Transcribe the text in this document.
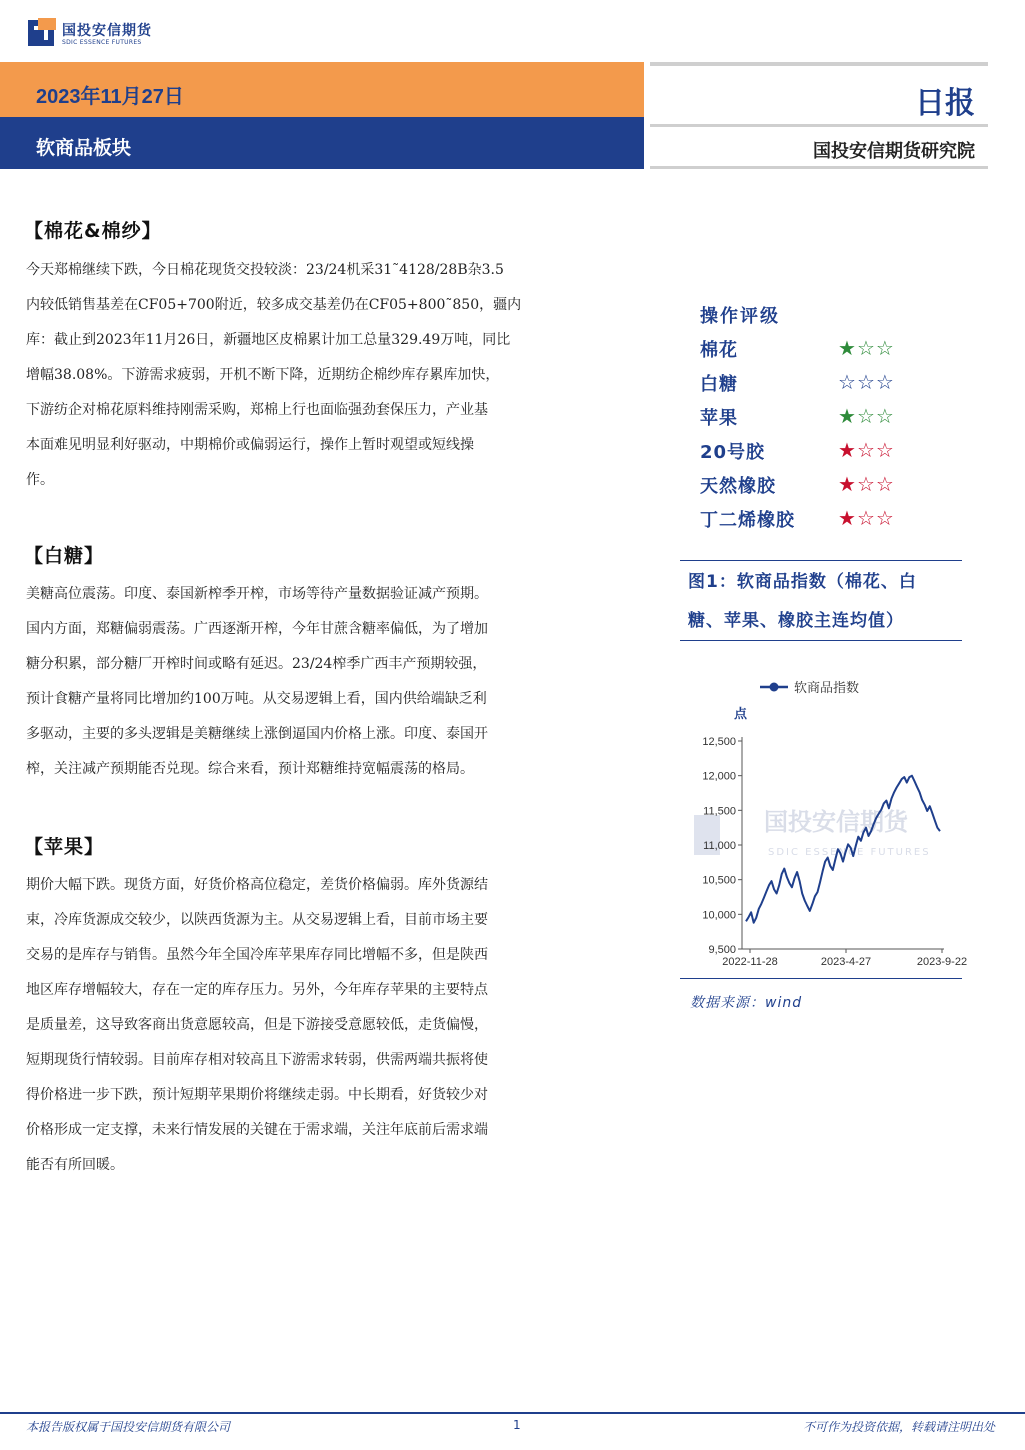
国投安信期货
SDIC ESSENCE FUTURES
2023年11月27日
软商品板块
日报
国投安信期货研究院
【棉花&棉纱】
今天郑棉继续下跌，今日棉花现货交投较淡：23/24机采31˜4128/28B杂3.5
内较低销售基差在CF05+700附近，较多成交基差仍在CF05+800˜850，疆内
库：截止到2023年11月26日，新疆地区皮棉累计加工总量329.49万吨，同比
增幅38.08%。下游需求疲弱，开机不断下降，近期纺企棉纱库存累库加快，
下游纺企对棉花原料维持刚需采购，郑棉上行也面临强劲套保压力，产业基
本面难见明显利好驱动，中期棉价或偏弱运行，操作上暂时观望或短线操
作。
【白糖】
美糖高位震荡。印度、泰国新榨季开榨，市场等待产量数据验证减产预期。
国内方面，郑糖偏弱震荡。广西逐渐开榨，今年甘蔗含糖率偏低，为了增加
糖分积累，部分糖厂开榨时间或略有延迟。23/24榨季广西丰产预期较强，
预计食糖产量将同比增加约100万吨。从交易逻辑上看，国内供给端缺乏利
多驱动，主要的多头逻辑是美糖继续上涨倒逼国内价格上涨。印度、泰国开
榨，关注减产预期能否兑现。综合来看，预计郑糖维持宽幅震荡的格局。
【苹果】
期价大幅下跌。现货方面，好货价格高位稳定，差货价格偏弱。库外货源结
束，冷库货源成交较少，以陕西货源为主。从交易逻辑上看，目前市场主要
交易的是库存与销售。虽然今年全国冷库苹果库存同比增幅不多，但是陕西
地区库存增幅较大，存在一定的库存压力。另外，今年库存苹果的主要特点
是质量差，这导致客商出货意愿较高，但是下游接受意愿较低，走货偏慢，
短期现货行情较弱。目前库存相对较高且下游需求转弱，供需两端共振将使
得价格进一步下跌，预计短期苹果期价将继续走弱。中长期看，好货较少对
价格形成一定支撑，未来行情发展的关键在于需求端，关注年底前后需求端
能否有所回暖。
操作评级
棉花	★☆☆
白糖	☆☆☆
苹果	★☆☆
20号胶	★☆☆
天然橡胶	★☆☆
丁二烯橡胶 ★☆☆
图1：软商品指数（棉花、白
糖、苹果、橡胶主连均值）
国投安信期货
SDIC ESSENCE FUTURES
软商品指数
点
9,500
10,000
10,500
11,000
11,500
12,000
12,500
2022-11-28	2023-4-27	2023-9-22
数据来源：wind
本报告版权属于国投安信期货有限公司	1	不可作为投资依据，转载请注明出处
